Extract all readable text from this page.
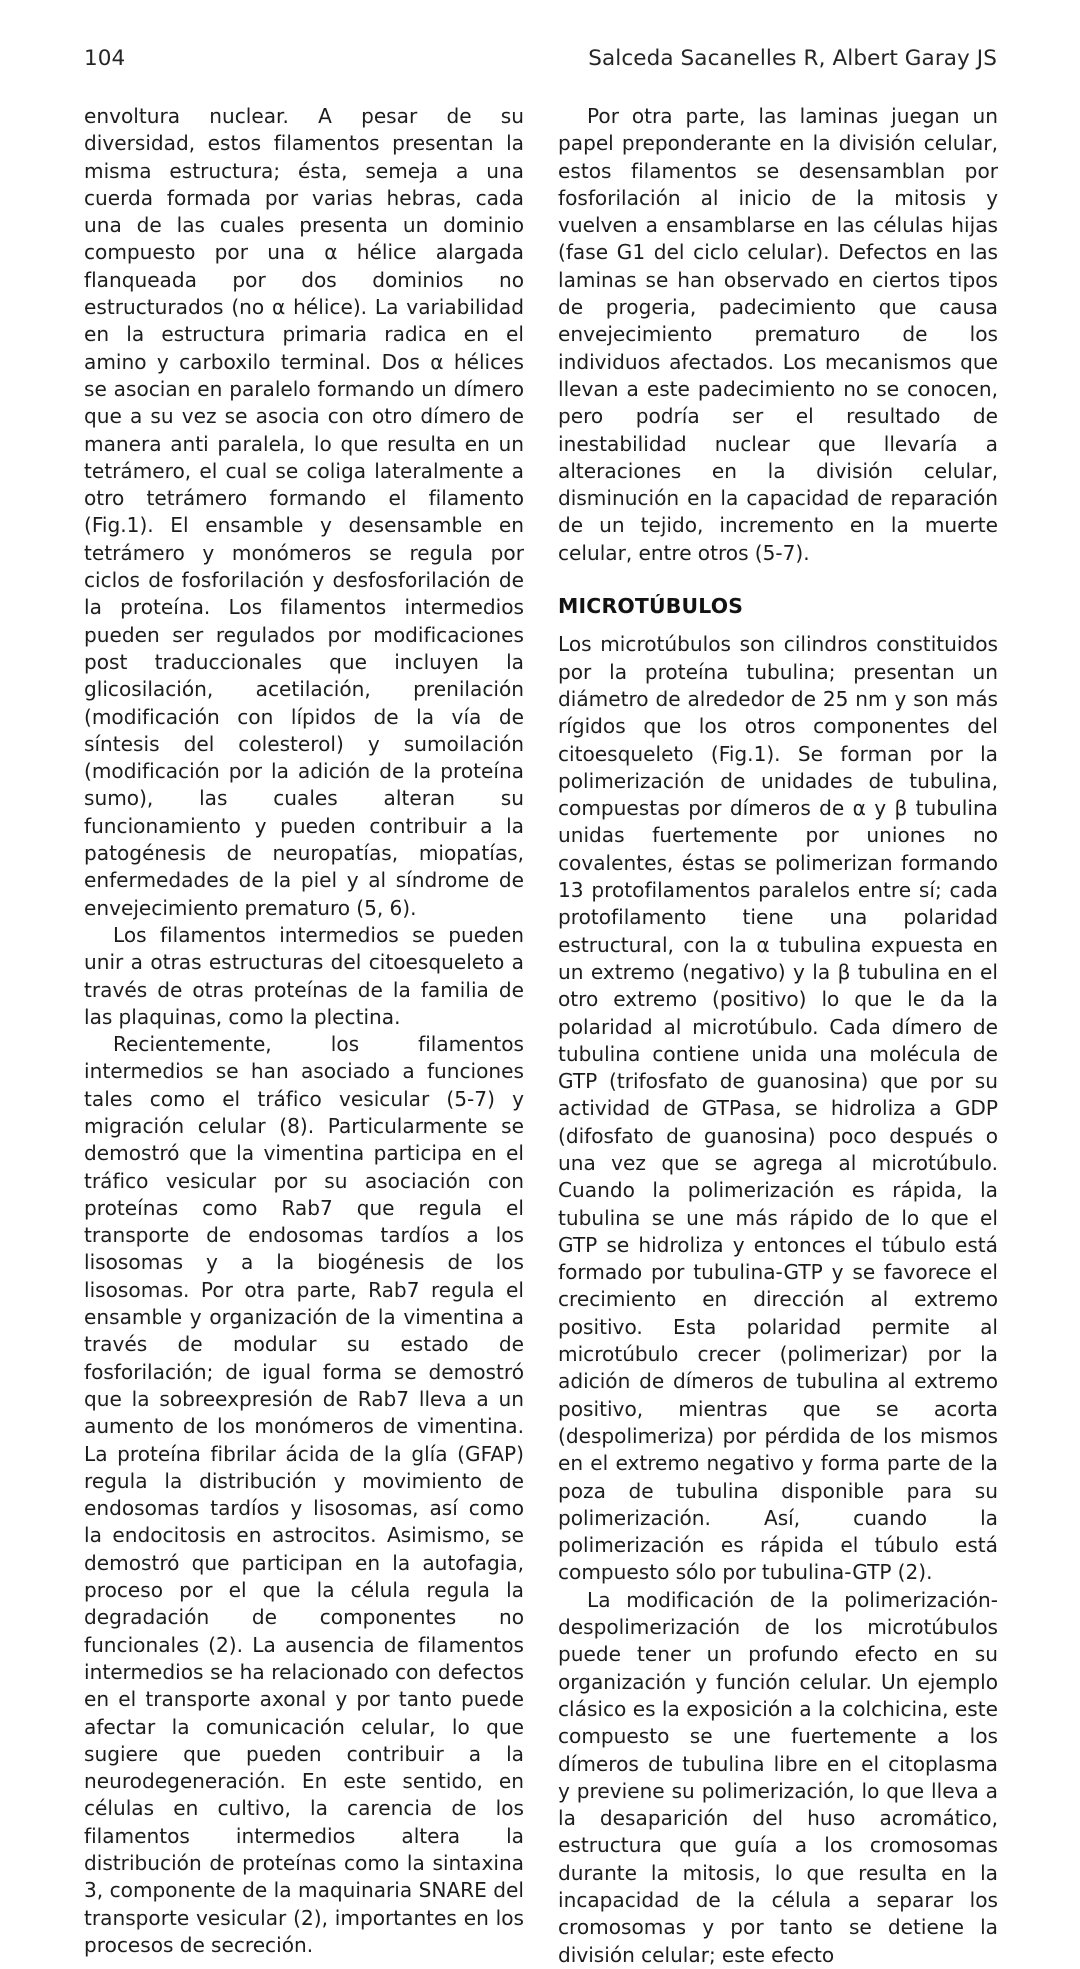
104	Salceda Sacanelles R, Albert Garay JS

envoltura nuclear. A pesar de su diversidad, estos filamentos presentan la misma estructura; ésta, semeja a una cuerda formada por varias hebras, cada una de las cuales presenta un dominio compuesto por una α hélice alargada flanqueada por dos dominios no estructurados (no α hélice). La variabilidad en la estructura primaria radica en el amino y carboxilo terminal. Dos α hélices se asocian en paralelo formando un dímero que a su vez se asocia con otro dímero de manera anti paralela, lo que resulta en un tetrámero, el cual se coliga lateralmente a otro tetrámero formando el filamento (Fig.1). El ensamble y desensamble en tetrámero y monómeros se regula por ciclos de fosforilación y desfosforilación de la proteína. Los filamentos intermedios pueden ser regulados por modificaciones post traduccionales que incluyen la glicosilación, acetilación, prenilación (modificación con lípidos de la vía de síntesis del colesterol) y sumoilación (modificación por la adición de la proteína sumo), las cuales alteran su funcionamiento y pueden contribuir a la patogénesis de neuropatías, miopatías, enfermedades de la piel y al síndrome de envejecimiento prematuro (5, 6).

Los filamentos intermedios se pueden unir a otras estructuras del citoesqueleto a través de otras proteínas de la familia de las plaquinas, como la plectina.

Recientemente, los filamentos intermedios se han asociado a funciones tales como el tráfico vesicular (5-7) y migración celular (8). Particularmente se demostró que la vimentina participa en el tráfico vesicular por su asociación con proteínas como Rab7 que regula el transporte de endosomas tardíos a los lisosomas y a la biogénesis de los lisosomas. Por otra parte, Rab7 regula el ensamble y organización de la vimentina a través de modular su estado de fosforilación; de igual forma se demostró que la sobreexpresión de Rab7 lleva a un aumento de los monómeros de vimentina. La proteína fibrilar ácida de la glía (GFAP) regula la distribución y movimiento de endosomas tardíos y lisosomas, así como la endocitosis en astrocitos. Asimismo, se demostró que participan en la autofagia, proceso por el que la célula regula la degradación de componentes no funcionales (2). La ausencia de filamentos intermedios se ha relacionado con defectos en el transporte axonal y por tanto puede afectar la comunicación celular, lo que sugiere que pueden contribuir a la neurodegeneración. En este sentido, en células en cultivo, la carencia de los filamentos intermedios altera la distribución de proteínas como la sintaxina 3, componente de la maquinaria SNARE del transporte vesicular (2), importantes en los procesos de secreción.

Por otra parte, las laminas juegan un papel preponderante en la división celular, estos filamentos se desensamblan por fosforilación al inicio de la mitosis y vuelven a ensamblarse en las células hijas (fase G1 del ciclo celular). Defectos en las laminas se han observado en ciertos tipos de progeria, padecimiento que causa envejecimiento prematuro de los individuos afectados. Los mecanismos que llevan a este padecimiento no se conocen, pero podría ser el resultado de inestabilidad nuclear que llevaría a alteraciones en la división celular, disminución en la capacidad de reparación de un tejido, incremento en la muerte celular, entre otros (5-7).

MICROTÚBULOS

Los microtúbulos son cilindros constituidos por la proteína tubulina; presentan un diámetro de alrededor de 25 nm y son más rígidos que los otros componentes del citoesqueleto (Fig.1). Se forman por la polimerización de unidades de tubulina, compuestas por dímeros de α y β tubulina unidas fuertemente por uniones no covalentes, éstas se polimerizan formando 13 protofilamentos paralelos entre sí; cada protofilamento tiene una polaridad estructural, con la α tubulina expuesta en un extremo (negativo) y la β tubulina en el otro extremo (positivo) lo que le da la polaridad al microtúbulo. Cada dímero de tubulina contiene unida una molécula de GTP (trifosfato de guanosina) que por su actividad de GTPasa, se hidroliza a GDP (difosfato de guanosina) poco después o una vez que se agrega al microtúbulo. Cuando la polimerización es rápida, la tubulina se une más rápido de lo que el GTP se hidroliza y entonces el túbulo está formado por tubulina-GTP y se favorece el crecimiento en dirección al extremo positivo. Esta polaridad permite al microtúbulo crecer (polimerizar) por la adición de dímeros de tubulina al extremo positivo, mientras que se acorta (despolimeriza) por pérdida de los mismos en el extremo negativo y forma parte de la poza de tubulina disponible para su polimerización. Así, cuando la polimerización es rápida el túbulo está compuesto sólo por tubulina-GTP (2).

La modificación de la polimerización-despolimerización de los microtúbulos puede tener un profundo efecto en su organización y función celular. Un ejemplo clásico es la exposición a la colchicina, este compuesto se une fuertemente a los dímeros de tubulina libre en el citoplasma y previene su polimerización, lo que lleva a la desaparición del huso acromático, estructura que guía a los cromosomas durante la mitosis, lo que resulta en la incapacidad de la célula a separar los cromosomas y por tanto se detiene la división celular; este efecto
